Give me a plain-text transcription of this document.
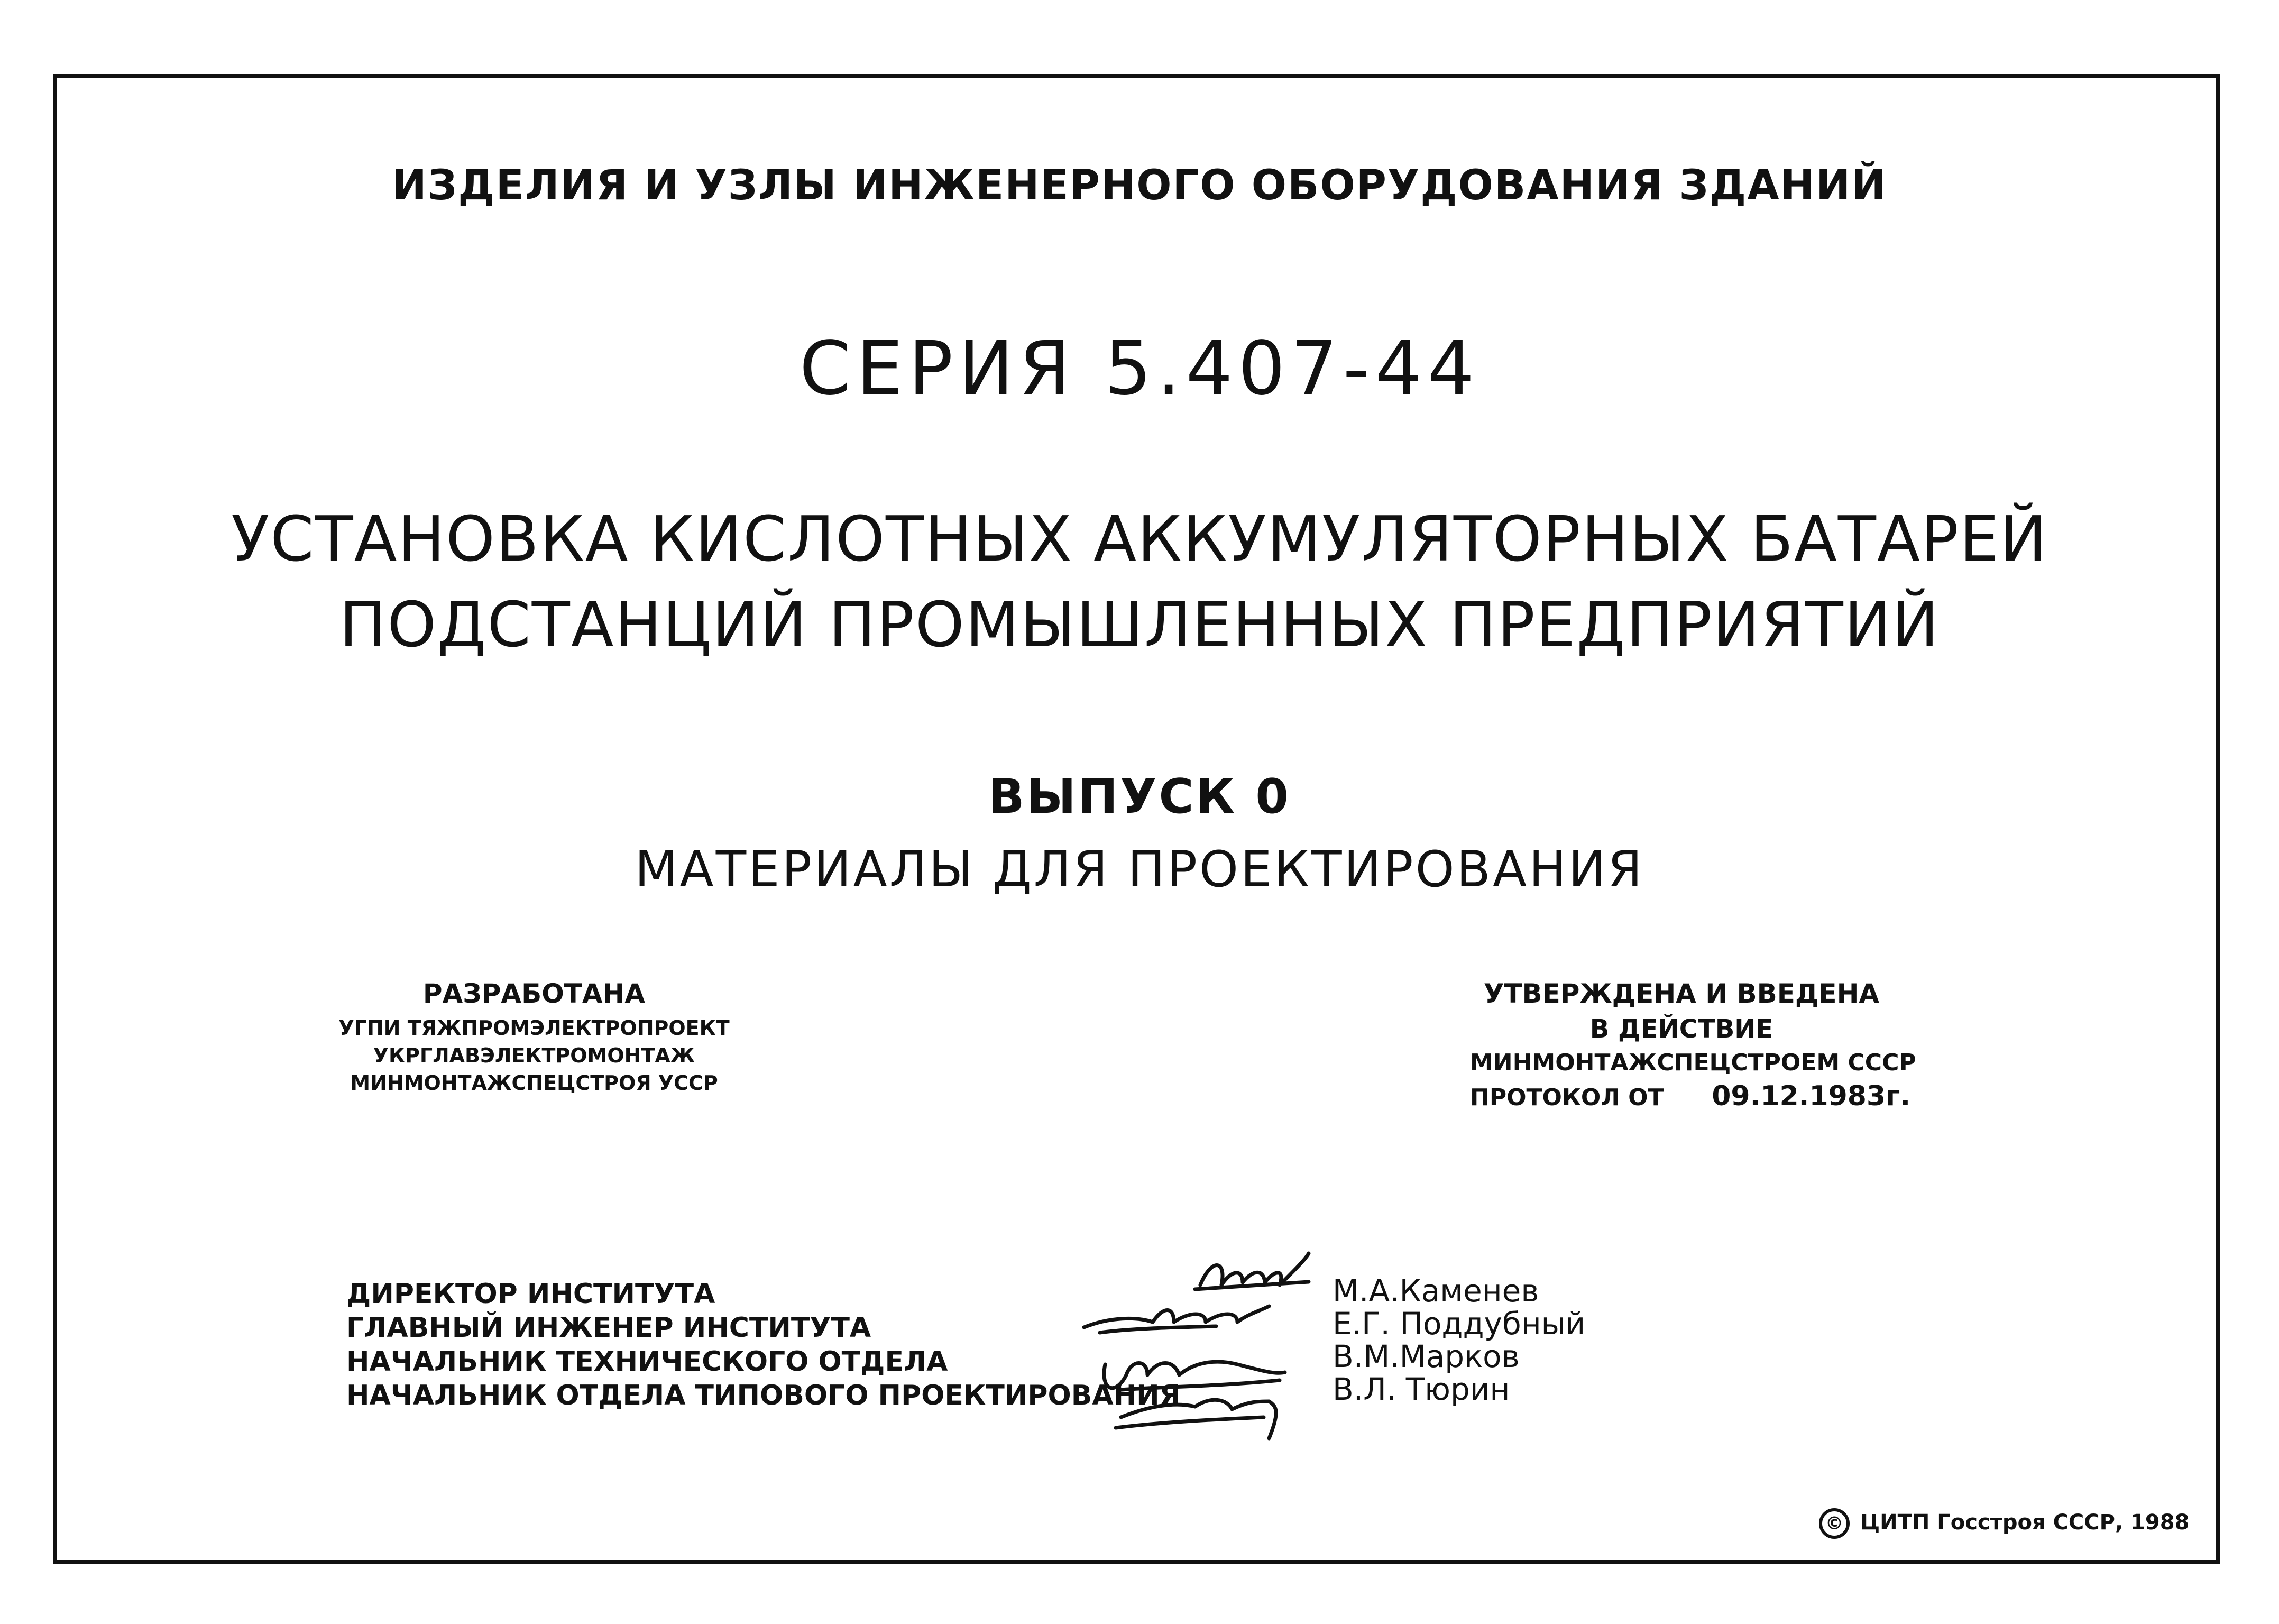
ИЗДЕЛИЯ И УЗЛЫ ИНЖЕНЕРНОГО ОБОРУДОВАНИЯ ЗДАНИЙ
СЕРИЯ 5.407-44
УСТАНОВКА КИСЛОТНЫХ АККУМУЛЯТОРНЫХ БАТАРЕЙ
ПОДСТАНЦИЙ ПРОМЫШЛЕННЫХ ПРЕДПРИЯТИЙ
ВЫПУСК 0
МАТЕРИАЛЫ ДЛЯ ПРОЕКТИРОВАНИЯ
РАЗРАБОТАНА
УГПИ ТЯЖПРОМЭЛЕКТРОПРОЕКТ
УКРГЛАВЭЛЕКТРОМОНТАЖ
МИНМОНТАЖСПЕЦСТРОЯ УССР
УТВЕРЖДЕНА И ВВЕДЕНА
В ДЕЙСТВИЕ
МИНМОНТАЖСПЕЦСТРОЕМ СССР
ПРОТОКОЛ ОТ 09.12.1983г.
ДИРЕКТОР ИНСТИТУТА
ГЛАВНЫЙ ИНЖЕНЕР ИНСТИТУТА
НАЧАЛЬНИК ТЕХНИЧЕСКОГО ОТДЕЛА
НАЧАЛЬНИК ОТДЕЛА ТИПОВОГО ПРОЕКТИРОВАНИЯ
М.А.Каменев
Е.Г. Поддубный
В.М.Марков
В.Л. Тюрин
© ЦИТП Госстроя СССР, 1988
